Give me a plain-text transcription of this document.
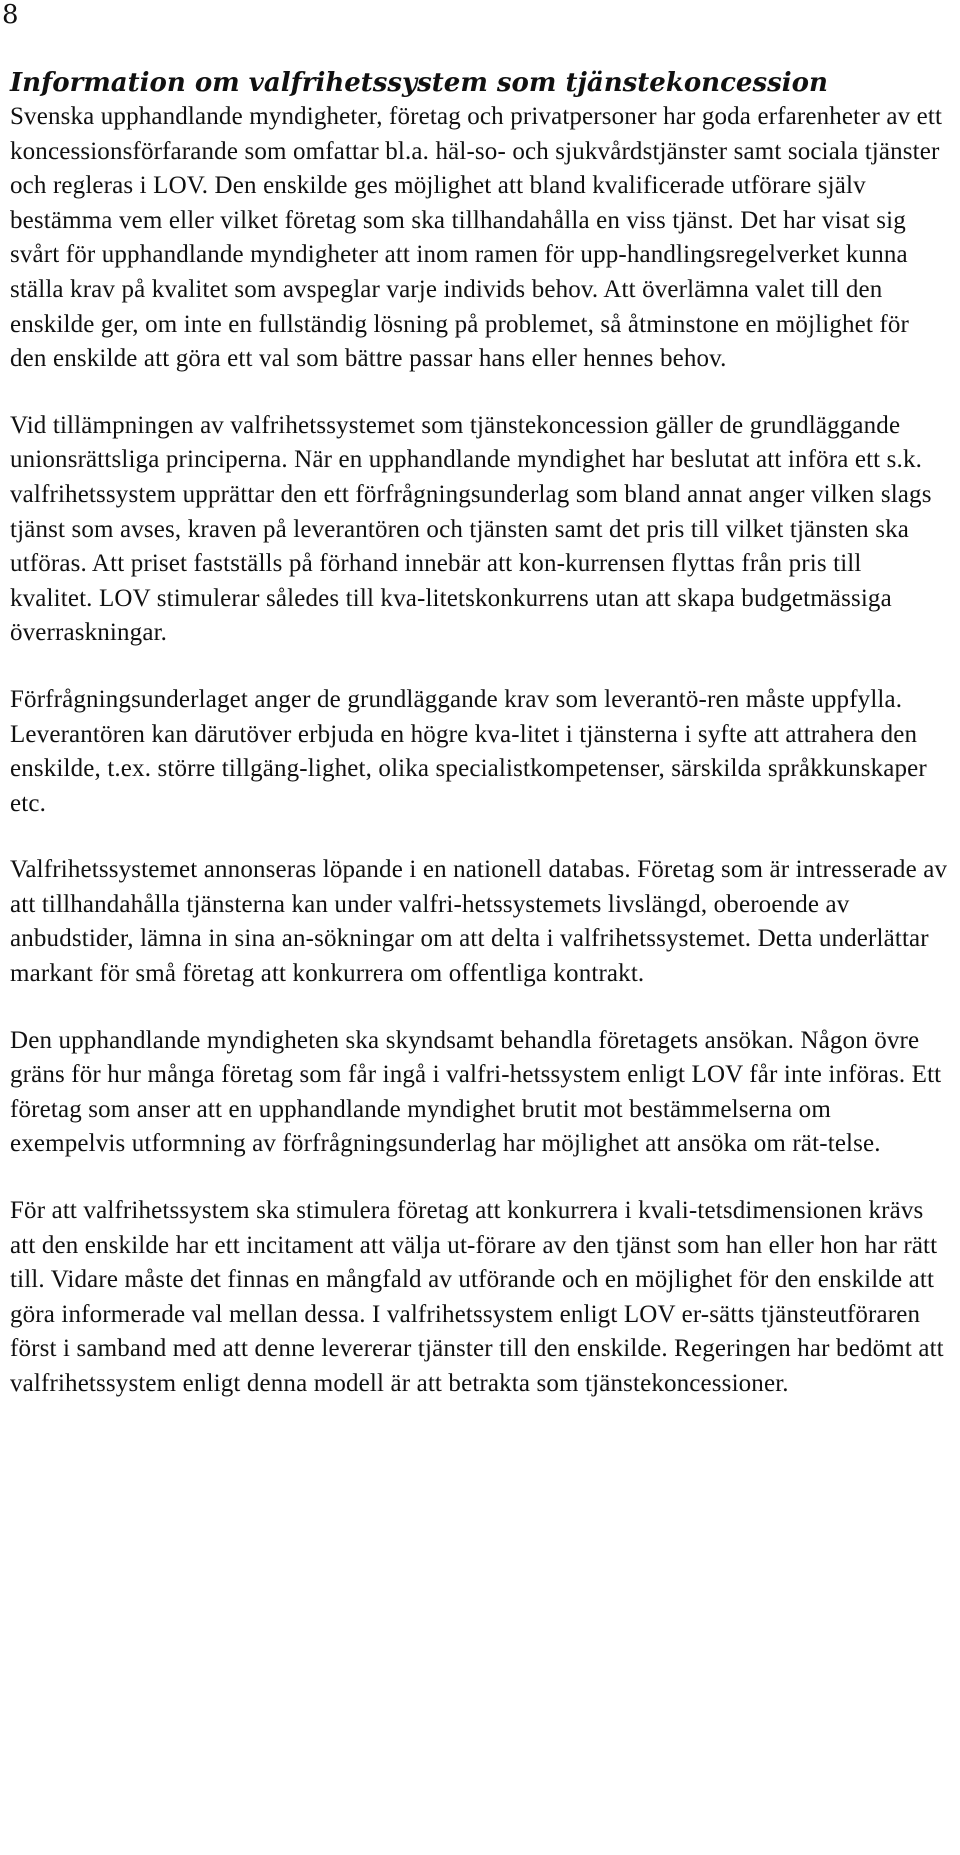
8
Information om valfrihetssystem som tjänstekoncession

Svenska upphandlande myndigheter, företag och privatpersoner har goda erfarenheter av ett koncessionsförfarande som omfattar bl.a. häl-so- och sjukvårdstjänster samt sociala tjänster och regleras i LOV. Den enskilde ges möjlighet att bland kvalificerade utförare själv bestämma vem eller vilket företag som ska tillhandahålla en viss tjänst. Det har visat sig svårt för upphandlande myndigheter att inom ramen för upp-handlingsregelverket kunna ställa krav på kvalitet som avspeglar varje individs behov. Att överlämna valet till den enskilde ger, om inte en fullständig lösning på problemet, så åtminstone en möjlighet för den enskilde att göra ett val som bättre passar hans eller hennes behov.

Vid tillämpningen av valfrihetssystemet som tjänstekoncession gäller de grundläggande unionsrättsliga principerna. När en upphandlande myndighet har beslutat att införa ett s.k. valfrihetssystem upprättar den ett förfrågningsunderlag som bland annat anger vilken slags tjänst som avses, kraven på leverantören och tjänsten samt det pris till vilket tjänsten ska utföras. Att priset fastställs på förhand innebär att kon-kurrensen flyttas från pris till kvalitet. LOV stimulerar således till kva-litetskonkurrens utan att skapa budgetmässiga överraskningar.

Förfrågningsunderlaget anger de grundläggande krav som leverantö-ren måste uppfylla. Leverantören kan därutöver erbjuda en högre kva-litet i tjänsterna i syfte att attrahera den enskilde, t.ex. större tillgäng-lighet, olika specialistkompetenser, särskilda språkkunskaper etc.

Valfrihetssystemet annonseras löpande i en nationell databas. Företag som är intresserade av att tillhandahålla tjänsterna kan under valfri-hetssystemets livslängd, oberoende av anbudstider, lämna in sina an-sökningar om att delta i valfrihetssystemet. Detta underlättar markant för små företag att konkurrera om offentliga kontrakt.

Den upphandlande myndigheten ska skyndsamt behandla företagets ansökan. Någon övre gräns för hur många företag som får ingå i valfri-hetssystem enligt LOV får inte införas. Ett företag som anser att en upphandlande myndighet brutit mot bestämmelserna om exempelvis utformning av förfrågningsunderlag har möjlighet att ansöka om rät-telse.

För att valfrihetssystem ska stimulera företag att konkurrera i kvali-tetsdimensionen krävs att den enskilde har ett incitament att välja ut-förare av den tjänst som han eller hon har rätt till. Vidare måste det finnas en mångfald av utförande och en möjlighet för den enskilde att göra informerade val mellan dessa. I valfrihetssystem enligt LOV er-sätts tjänsteutföraren först i samband med att denne levererar tjänster till den enskilde. Regeringen har bedömt att valfrihetssystem enligt denna modell är att betrakta som tjänstekoncessioner.
